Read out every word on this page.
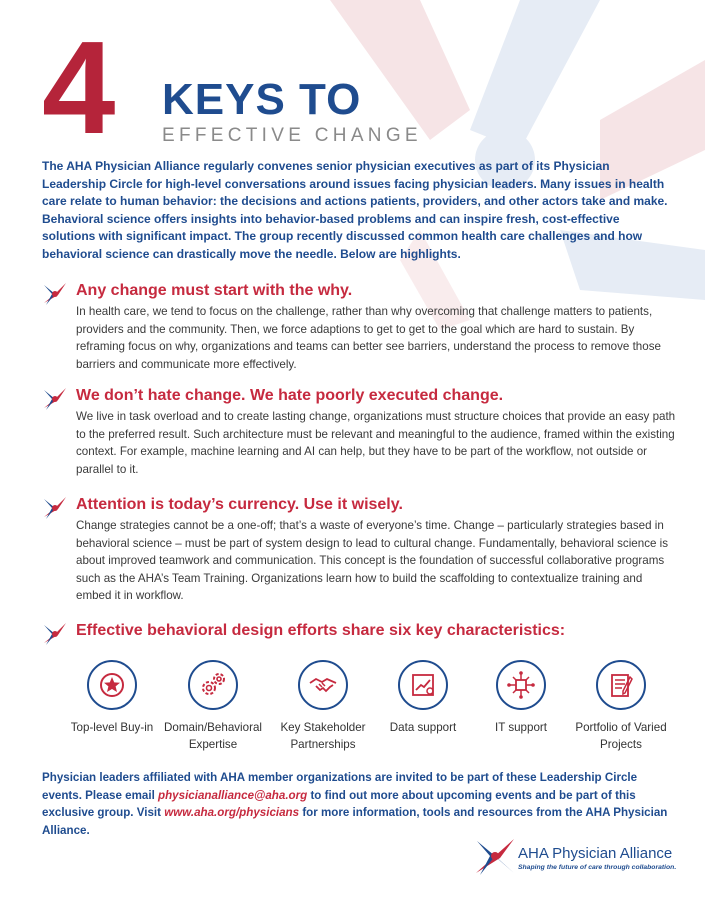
4 KEYS TO
EFFECTIVE CHANGE

The AHA Physician Alliance regularly convenes senior physician executives as part of its Physician Leadership Circle for high-level conversations around issues facing physician leaders. Many issues in health care relate to human behavior: the decisions and actions patients, providers, and other actors take and make. Behavioral science offers insights into behavior-based problems and can inspire fresh, cost-effective solutions with significant impact. The group recently discussed common health care challenges and how behavioral science can drastically move the needle. Below are highlights.

Any change must start with the why.

In health care, we tend to focus on the challenge, rather than why overcoming that challenge matters to patients, providers and the community. Then, we force adaptions to get to get to the goal which are hard to sustain. By reframing focus on why, organizations and teams can better see barriers, understand the process to remove those barriers and communicate more effectively.

We don’t hate change. We hate poorly executed change.

We live in task overload and to create lasting change, organizations must structure choices that provide an easy path to the preferred result. Such architecture must be relevant and meaningful to the audience, framed within the existing context. For example, machine learning and AI can help, but they have to be part of the workflow, not outside or parallel to it.

Attention is today’s currency. Use it wisely.

Change strategies cannot be a one-off; that’s a waste of everyone’s time. Change – particularly strategies based in behavioral science – must be part of system design to lead to cultural change. Fundamentally, behavioral science is about improved teamwork and communication. This concept is the foundation of successful collaborative programs such as the AHA’s Team Training. Organizations learn how to build the scaffolding to contextualize training and embed it in workflow.

Effective behavioral design efforts share six key characteristics:
Top-level Buy-in Domain/Behavioral Expertise
Key Stakeholder Partnerships
Data support	IT support	Portfolio of Varied Projects

Physician leaders affiliated with AHA member organizations are invited to be part of these Leadership Circle events. Please email physicianalliance@aha.org to find out more about upcoming events and be part of this exclusive group. Visit www.aha.org/physicians for more information, tools and resources from the AHA Physician Alliance.

AHA Physician Alliance
Shaping the future of care through collaboration.
